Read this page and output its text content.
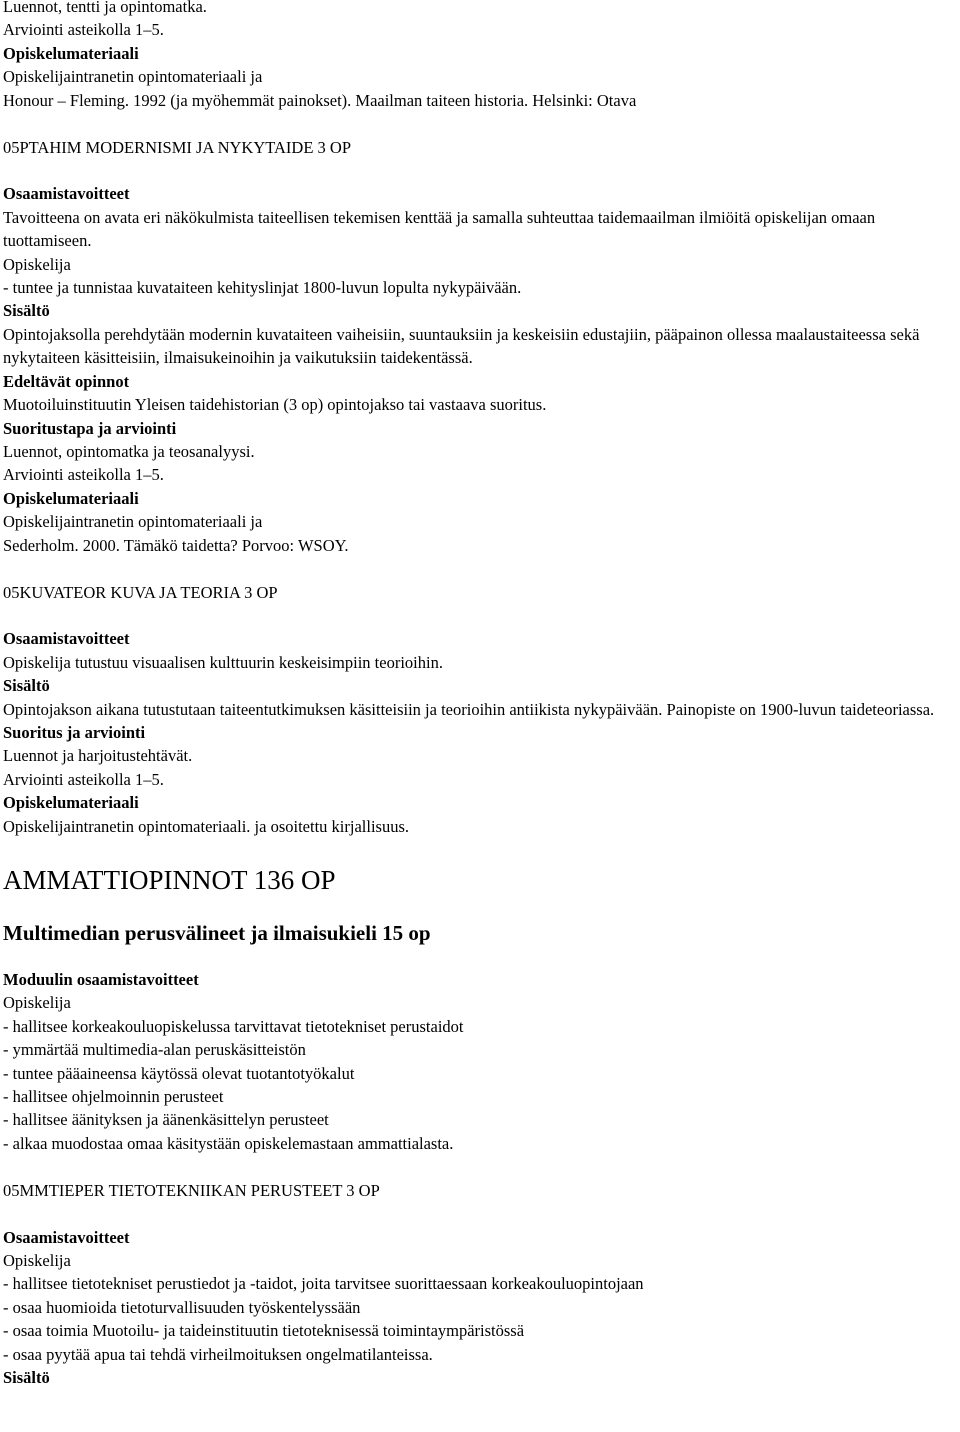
Luennot, tentti ja opintomatka.
Arviointi asteikolla 1–5.
Opiskelumateriaali
Opiskelijaintranetin opintomateriaali ja
Honour – Fleming. 1992 (ja myöhemmät painokset). Maailman taiteen historia. Helsinki: Otava
05PTAHIM MODERNISMI JA NYKYTAIDE 3 OP
Osaamistavoitteet
Tavoitteena on avata eri näkökulmista taiteellisen tekemisen kenttää ja samalla suhteuttaa taidemaailman ilmiöitä opiskelijan omaan tuottamiseen.
Opiskelija
- tuntee ja tunnistaa kuvataiteen kehityslinjat 1800-luvun lopulta nykypäivään.
Sisältö
Opintojaksolla perehdytään modernin kuvataiteen vaiheisiin, suuntauksiin ja keskeisiin edustajiin, pääpainon ollessa maalaustaiteessa sekä nykytaiteen käsitteisiin, ilmaisukeinoihin ja vaikutuksiin taidekentässä.
Edeltävät opinnot
Muotoiluinstituutin Yleisen taidehistorian (3 op) opintojakso tai vastaava suoritus.
Suoritustapa ja arviointi
Luennot, opintomatka ja teosanalyysi.
Arviointi asteikolla 1–5.
Opiskelumateriaali
Opiskelijaintranetin opintomateriaali ja
Sederholm. 2000. Tämäkö taidetta? Porvoo: WSOY.
05KUVATEOR KUVA JA TEORIA 3 OP
Osaamistavoitteet
Opiskelija tutustuu visuaalisen kulttuurin keskeisimpiin teorioihin.
Sisältö
Opintojakson aikana tutustutaan taiteentutkimuksen käsitteisiin ja teorioihin antiikista nykypäivään. Painopiste on 1900-luvun taideteoriassa.
Suoritus ja arviointi
Luennot ja harjoitustehtävät.
Arviointi asteikolla 1–5.
Opiskelumateriaali
Opiskelijaintranetin opintomateriaali. ja osoitettu kirjallisuus.
AMMATTIOPINNOT 136 OP
Multimedian perusvälineet ja ilmaisukieli 15 op
Moduulin osaamistavoitteet
Opiskelija
- hallitsee korkeakouluopiskelussa tarvittavat tietotekniset perustaidot
- ymmärtää multimedia-alan peruskäsitteistön
- tuntee pääaineensa käytössä olevat tuotantotyökalut
- hallitsee ohjelmoinnin perusteet
- hallitsee äänityksen ja äänenkäsittelyn perusteet
- alkaa muodostaa omaa käsitystään opiskelemastaan ammattialasta.
05MMTIEPER TIETOTEKNIIKAN PERUSTEET 3 OP
Osaamistavoitteet
Opiskelija
- hallitsee tietotekniset perustiedot ja -taidot, joita tarvitsee suorittaessaan korkeakouluopintojaan
- osaa huomioida tietoturvallisuuden työskentelyssään
- osaa toimia Muotoilu- ja taideinstituutin tietoteknisessä toimintaympäristössä
- osaa pyytää apua tai tehdä virheilmoituksen ongelmatilanteissa.
Sisältö
